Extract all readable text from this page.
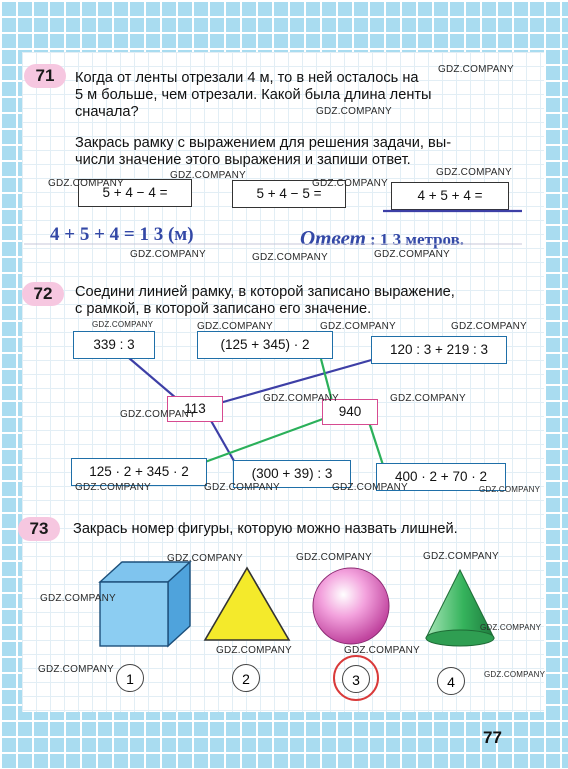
71	Когда от ленты отрезали 4 м, то в ней осталось на

5 м больше, чем отрезали. Какой была длина ленты

сначала?

Закрась рамку с выражением для решения задачи, вы-

числи значение этого выражения и запиши ответ.

5 + 4 − 4 =	5 + 4 − 5 =	4 + 5 + 4 =
4 + 5 + 4 = 1 3 (м)	Ответ : 1 3 метров.
72	Соедини линией рамку, в которой записано выражение,

с рамкой, в которой записано его значение.

339 : 3	(125 + 345) · 2	120 : 3 + 219 : 3
113	940
125 · 2 + 345 · 2	(300 + 39) : 3	400 · 2 + 70 · 2
73	Закрась номер фигуры, которую можно назвать лишней.
1	2	3	4
77
GDZ.COMPANY
GDZ.COMPANY
GDZ.COMPANY
GDZ.COMPANY	GDZ.COMPANY
GDZ.COMPANY
GDZ.COMPANY	GDZ.COMPANY	GDZ.COMPANY
GDZ.COMPANY	GDZ.COMPANY	GDZ.COMPANY	GDZ.COMPANY
GDZ.COMPANY
GDZ.COMPANY	GDZ.COMPANY
GDZ.COMPANY	GDZ.COMPANY	GDZ.COMPANY	GDZ.COMPANY
GDZ.COMPANY	GDZ.COMPANY	GDZ.COMPANY
GDZ.COMPANY
GDZ.COMPANY
GDZ.COMPANY	GDZ.COMPANY
GDZ.COMPANY	GDZ.COMPANY
